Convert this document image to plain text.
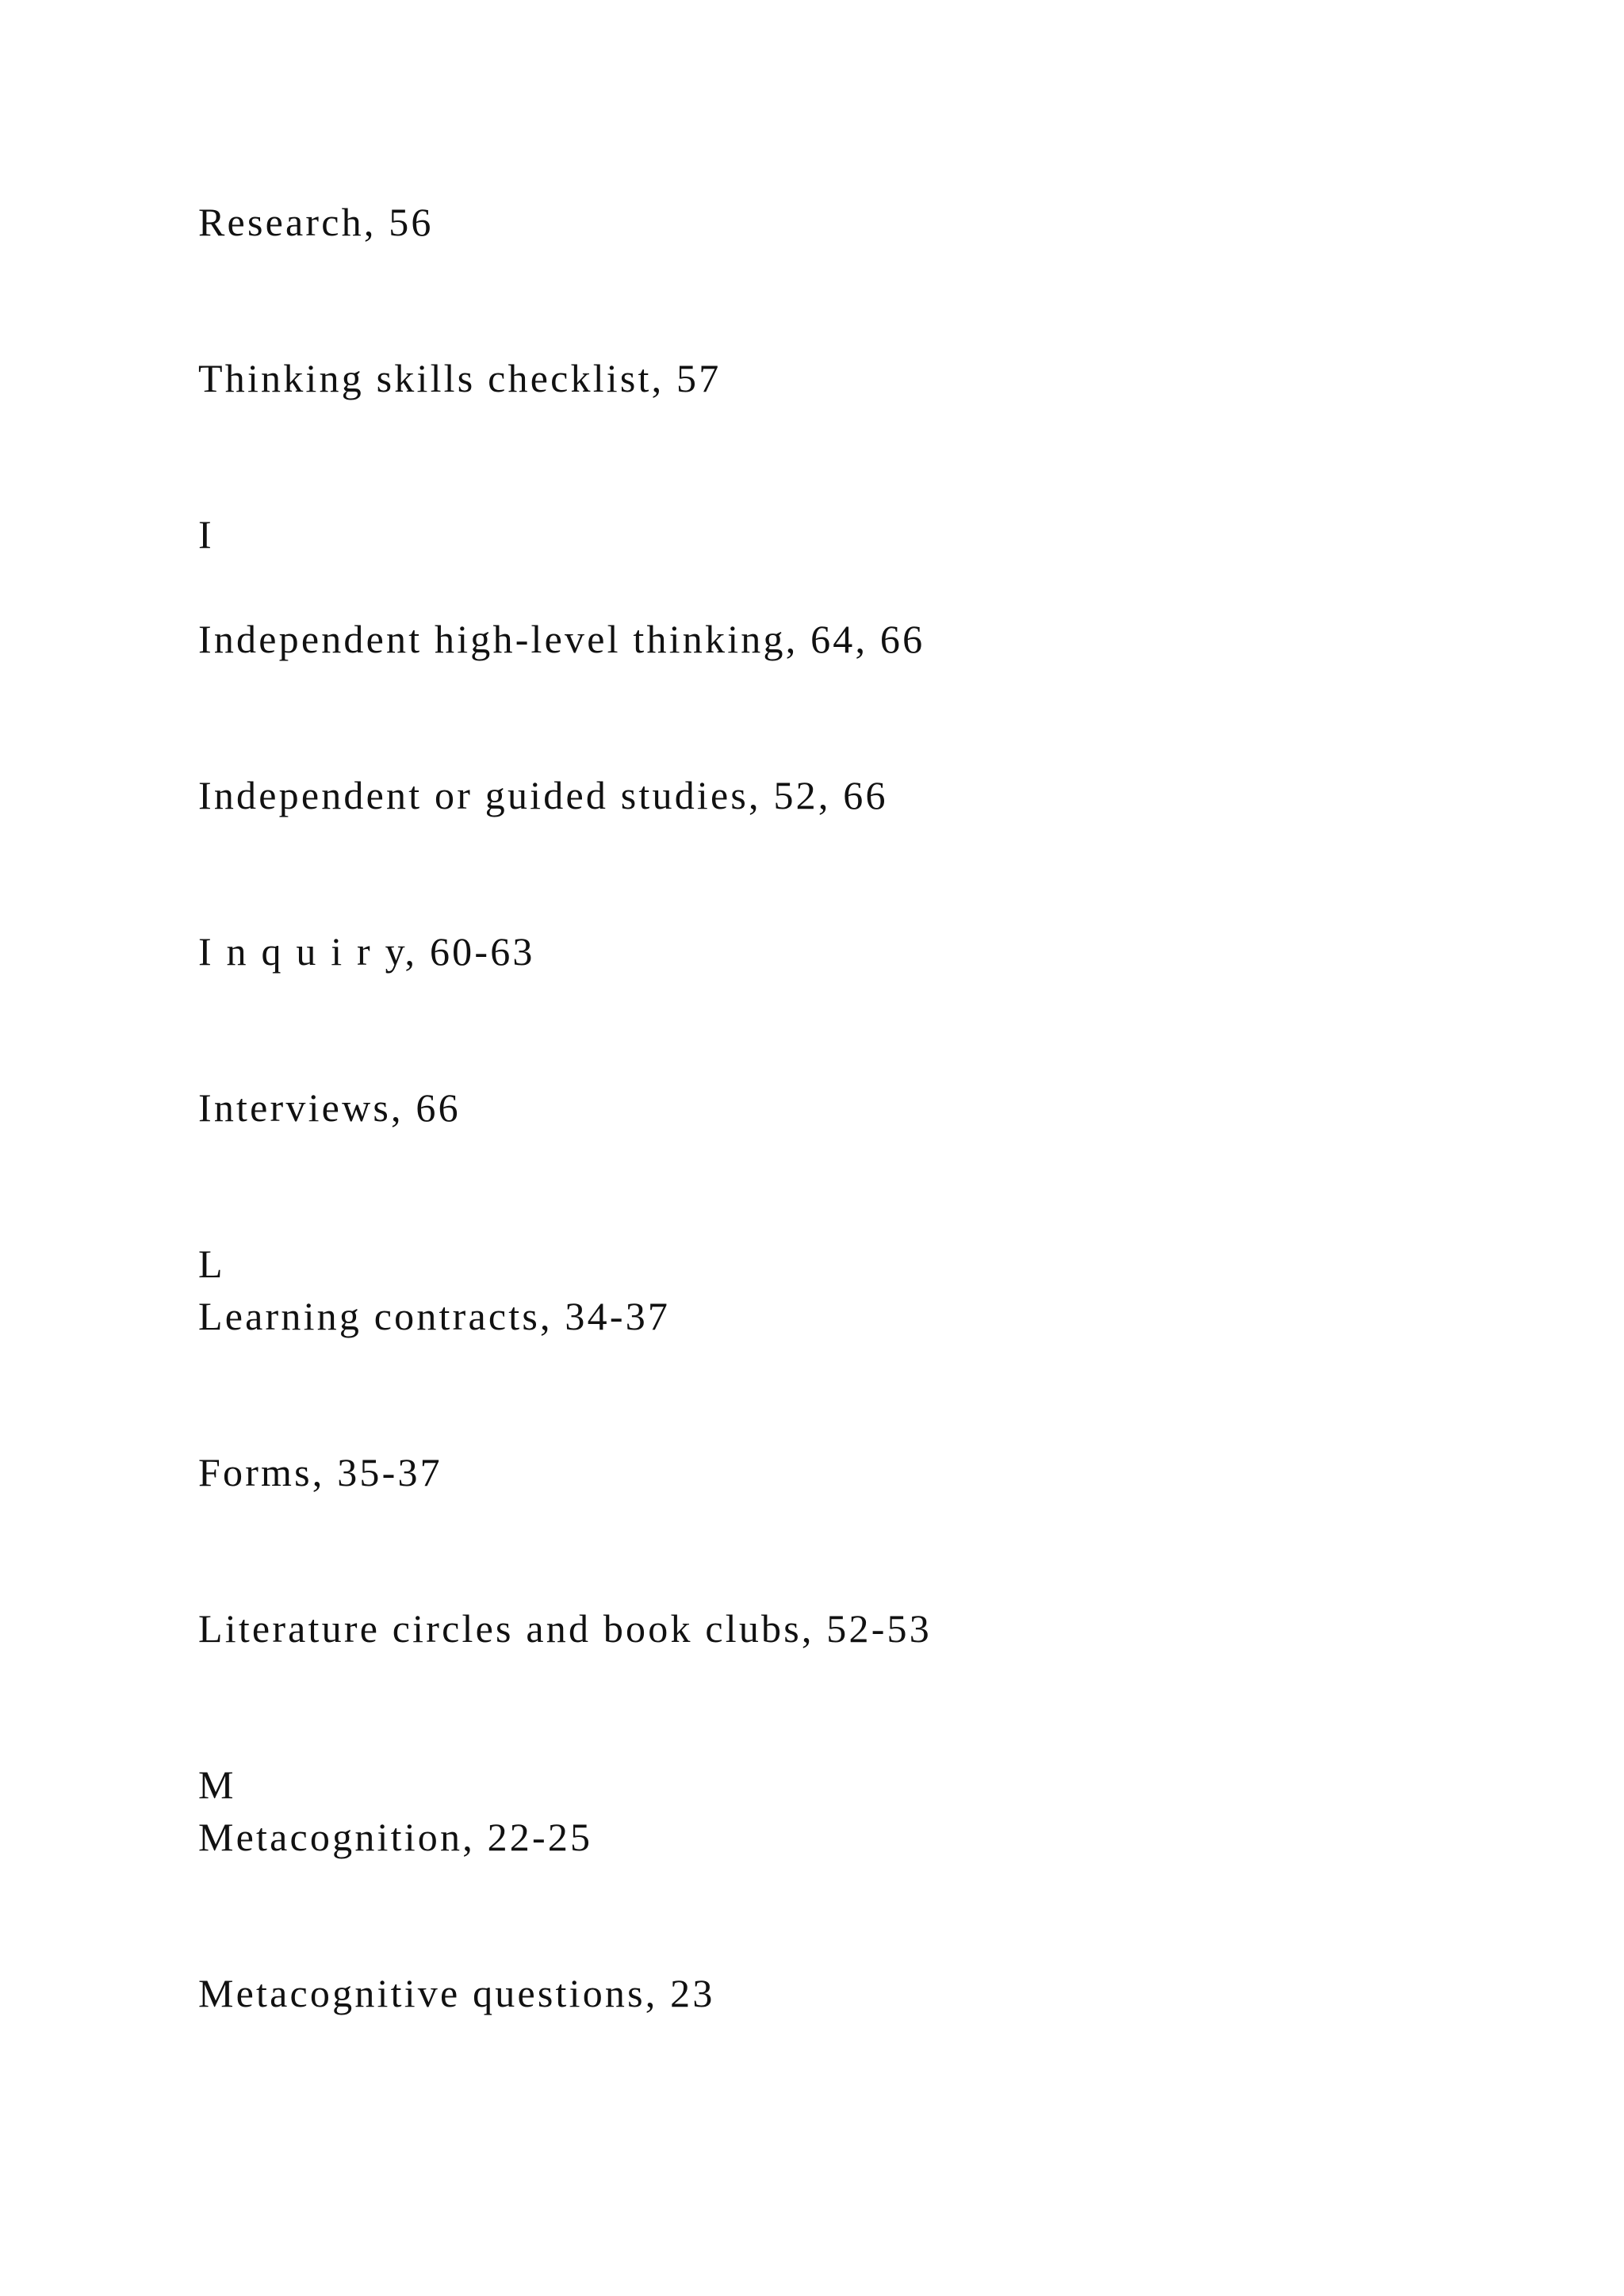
Research, 56
Thinking skills checklist, 57
I
Independent high-level thinking, 64, 66
Independent or guided studies, 52, 66
I n q u i r y, 60-63
Interviews, 66
L
Learning contracts, 34-37
Forms, 35-37
Literature circles and book clubs, 52-53
M
Metacognition, 22-25
Metacognitive questions, 23
